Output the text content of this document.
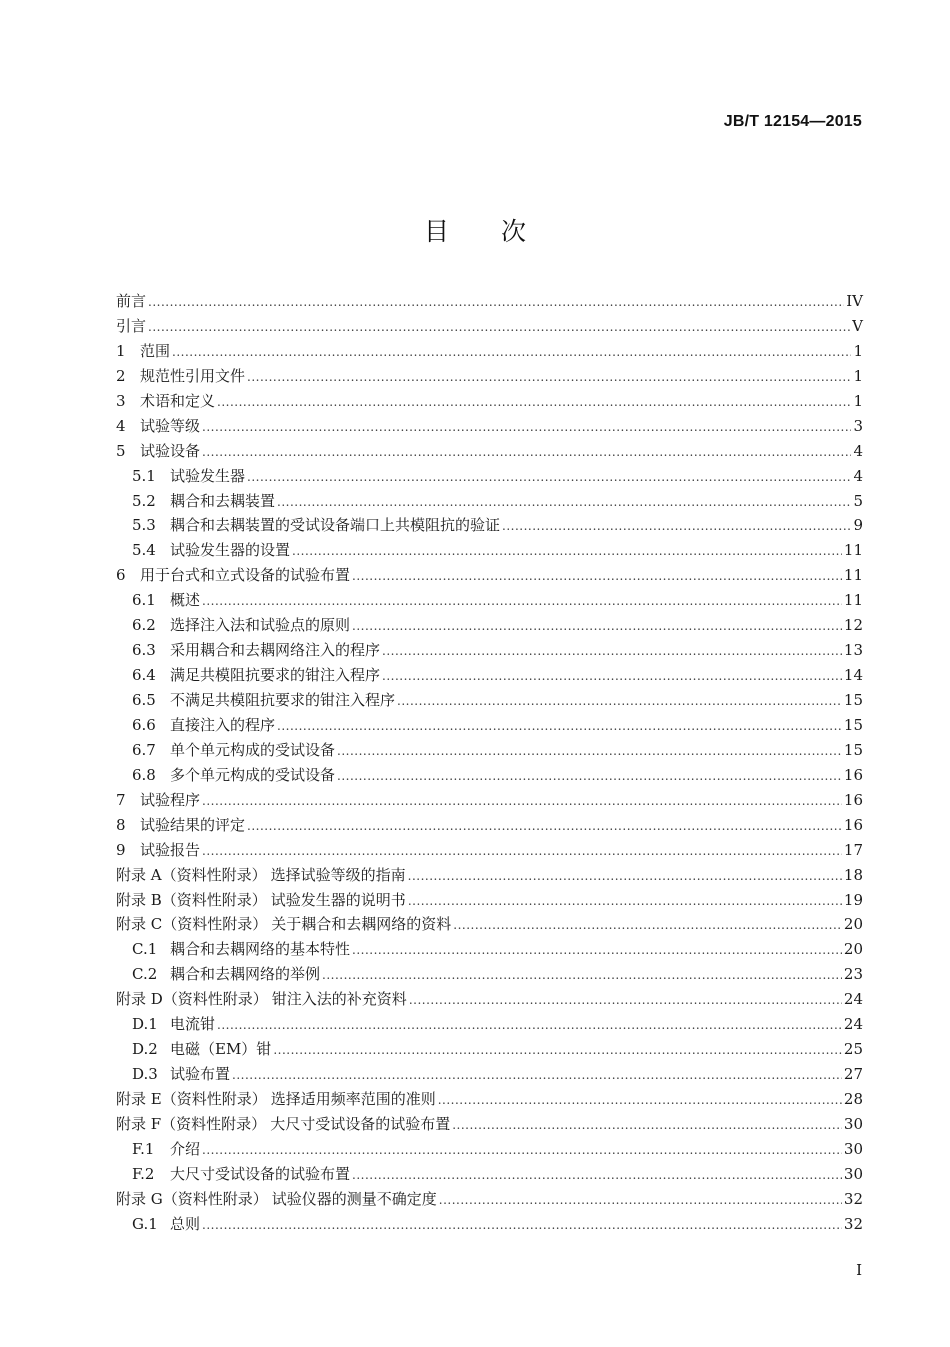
JB/T 12154—2015
目次
前言 .....	IV
引言 .....	V
1 范围 .....	1
2 规范性引用文件 .....	1
3 术语和定义 .....	1
4 试验等级 .....	3
5 试验设备 .....	4
5.1 试验发生器 .....	4
5.2 耦合和去耦装置 .....	5
5.3 耦合和去耦装置的受试设备端口上共模阻抗的验证 .....	9
5.4 试验发生器的设置 .....	11
6 用于台式和立式设备的试验布置 .....	11
6.1 概述 .....	11
6.2 选择注入法和试验点的原则 .....	12
6.3 采用耦合和去耦网络注入的程序 .....	13
6.4 满足共模阻抗要求的钳注入程序 .....	14
6.5 不满足共模阻抗要求的钳注入程序 .....	15
6.6 直接注入的程序 .....	15
6.7 单个单元构成的受试设备 .....	15
6.8 多个单元构成的受试设备 .....	16
7 试验程序 .....	16
8 试验结果的评定 .....	16
9 试验报告 .....	17
附录 A（资料性附录） 选择试验等级的指南 .....	18
附录 B（资料性附录） 试验发生器的说明书 .....	19
附录 C（资料性附录） 关于耦合和去耦网络的资料 .....	20
C.1 耦合和去耦网络的基本特性 .....	20
C.2 耦合和去耦网络的举例 .....	23
附录 D（资料性附录） 钳注入法的补充资料 .....	24
D.1 电流钳 .....	24
D.2 电磁（EM）钳 .....	25
D.3 试验布置 .....	27
附录 E（资料性附录） 选择适用频率范围的准则 .....	28
附录 F（资料性附录） 大尺寸受试设备的试验布置 .....	30
F.1	介绍 .....	30
F.2	大尺寸受试设备的试验布置 .....	30
附录 G（资料性附录） 试验仪器的测量不确定度 .....	32
G.1 总则 .....	32
I
